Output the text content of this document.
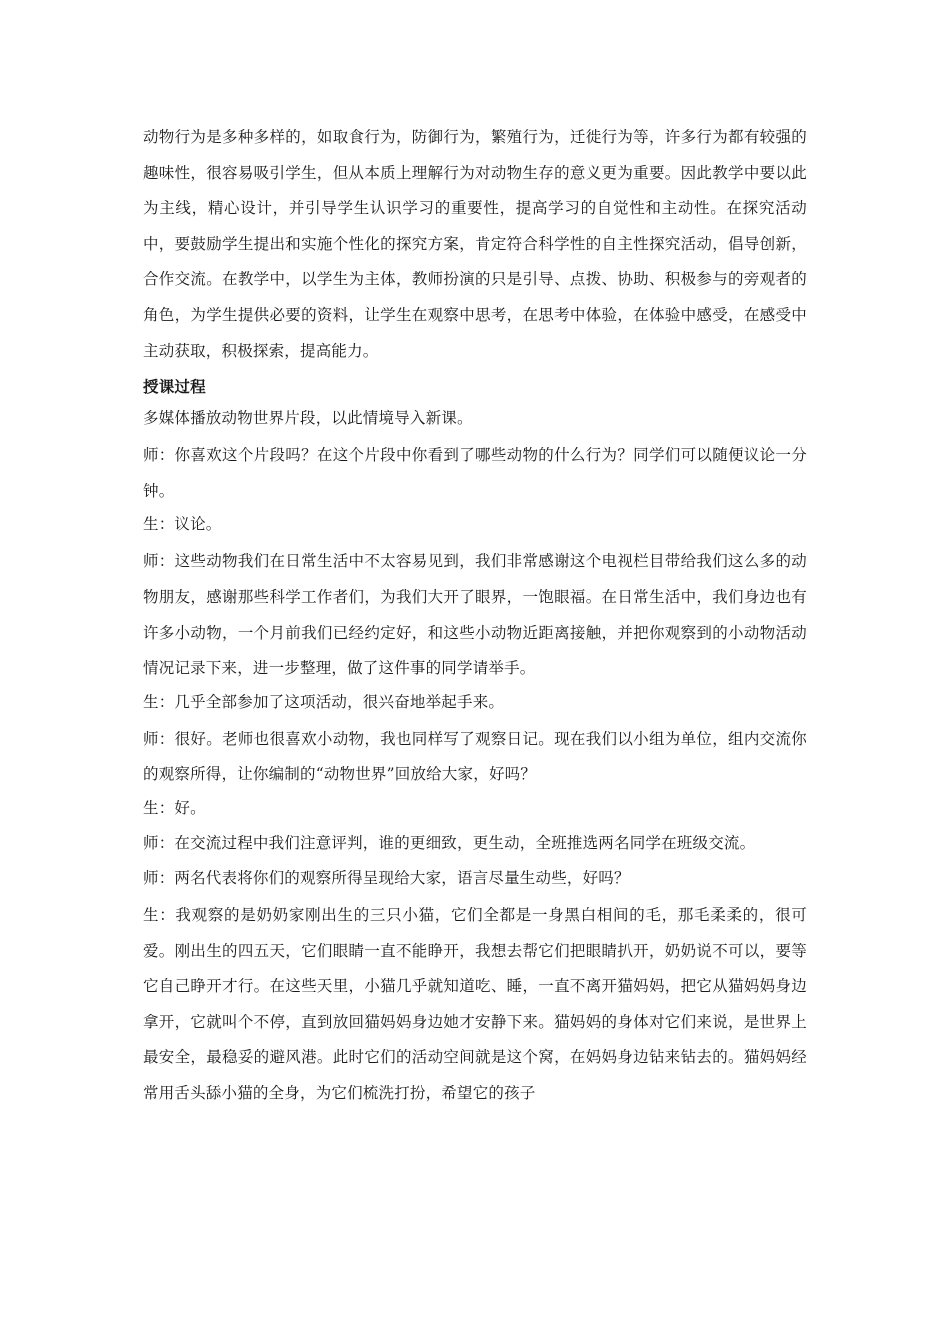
动物行为是多种多样的，如取食行为，防御行为，繁殖行为，迁徙行为等，许多行为都有较强的趣味性，很容易吸引学生，但从本质上理解行为对动物生存的意义更为重要。因此教学中要以此为主线，精心设计，并引导学生认识学习的重要性，提高学习的自觉性和主动性。在探究活动中，要鼓励学生提出和实施个性化的探究方案，肯定符合科学性的自主性探究活动，倡导创新，合作交流。在教学中，以学生为主体，教师扮演的只是引导、点拨、协助、积极参与的旁观者的角色，为学生提供必要的资料，让学生在观察中思考，在思考中体验，在体验中感受，在感受中主动获取，积极探索，提高能力。

授课过程

多媒体播放动物世界片段，以此情境导入新课。

师：你喜欢这个片段吗？在这个片段中你看到了哪些动物的什么行为？同学们可以随便议论一分钟。

生：议论。

师：这些动物我们在日常生活中不太容易见到，我们非常感谢这个电视栏目带给我们这么多的动物朋友，感谢那些科学工作者们，为我们大开了眼界，一饱眼福。在日常生活中，我们身边也有许多小动物，一个月前我们已经约定好，和这些小动物近距离接触，并把你观察到的小动物活动情况记录下来，进一步整理，做了这件事的同学请举手。

生：几乎全部参加了这项活动，很兴奋地举起手来。

师：很好。老师也很喜欢小动物，我也同样写了观察日记。现在我们以小组为单位，组内交流你的观察所得，让你编制的“动物世界”回放给大家，好吗？

生：好。

师：在交流过程中我们注意评判，谁的更细致，更生动，全班推选两名同学在班级交流。

师：两名代表将你们的观察所得呈现给大家，语言尽量生动些，好吗？

生：我观察的是奶奶家刚出生的三只小猫，它们全都是一身黑白相间的毛，那毛柔柔的，很可爱。刚出生的四五天，它们眼睛一直不能睁开，我想去帮它们把眼睛扒开，奶奶说不可以，要等它自己睁开才行。在这些天里，小猫几乎就知道吃、睡，一直不离开猫妈妈，把它从猫妈妈身边拿开，它就叫个不停，直到放回猫妈妈身边她才安静下来。猫妈妈的身体对它们来说，是世界上最安全，最稳妥的避风港。此时它们的活动空间就是这个窝，在妈妈身边钻来钻去的。猫妈妈经常用舌头舔小猫的全身，为它们梳洗打扮，希望它的孩子
